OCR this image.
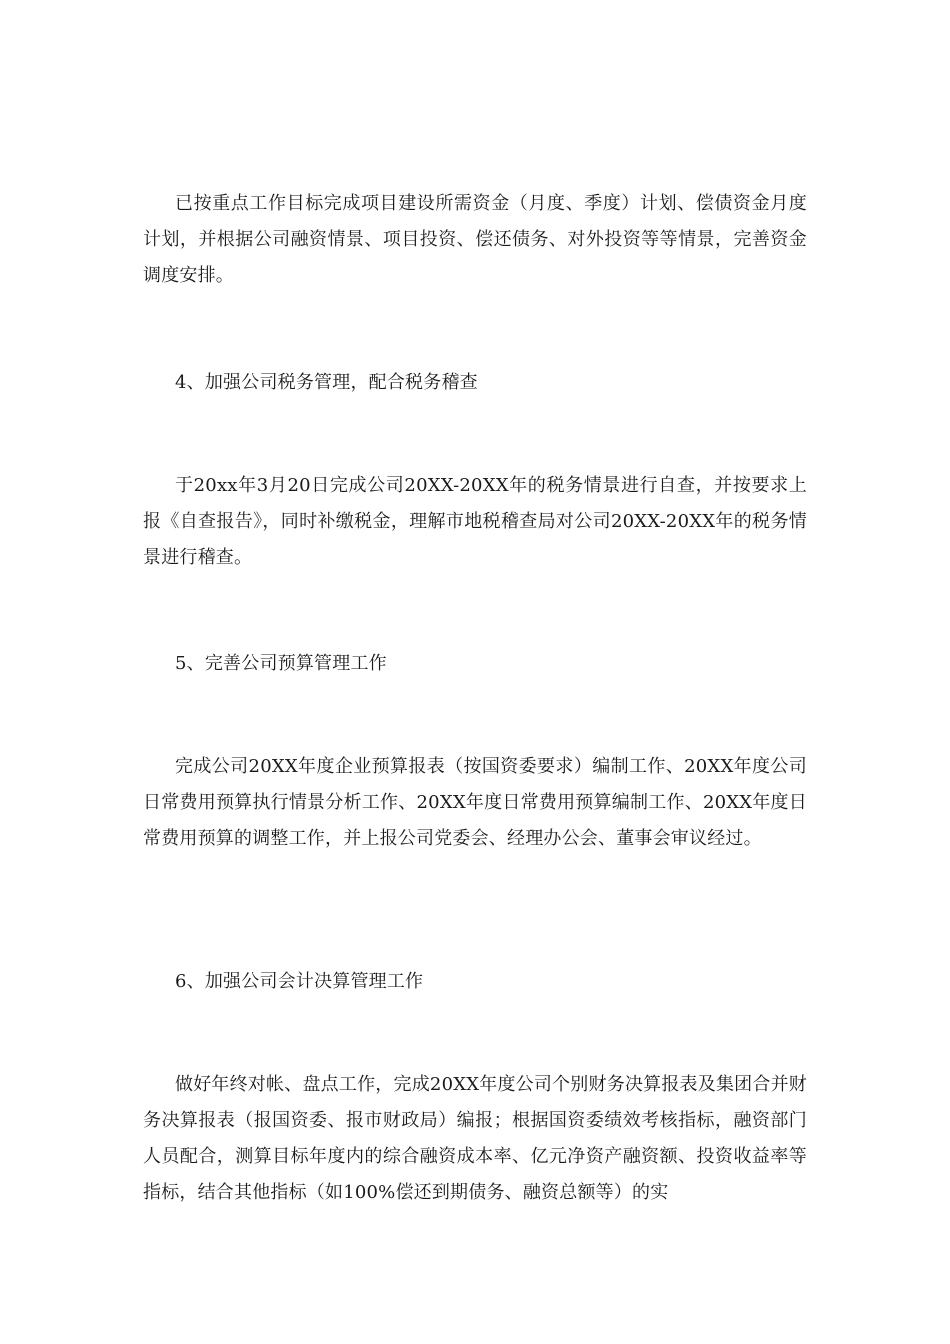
已按重点工作目标完成项目建设所需资金（月度、季度）计划、偿债资金月度计划，并根据公司融资情景、项目投资、偿还债务、对外投资等等情景，完善资金调度安排。

4、加强公司税务管理，配合税务稽查

于20xx年3月20日完成公司20XX-20XX年的税务情景进行自查，并按要求上报《自查报告》，同时补缴税金，理解市地税稽查局对公司20XX-20XX年的税务情景进行稽查。

5、完善公司预算管理工作

完成公司20XX年度企业预算报表（按国资委要求）编制工作、20XX年度公司日常费用预算执行情景分析工作、20XX年度日常费用预算编制工作、20XX年度日常费用预算的调整工作，并上报公司党委会、经理办公会、董事会审议经过。

6、加强公司会计决算管理工作

做好年终对帐、盘点工作，完成20XX年度公司个别财务决算报表及集团合并财务决算报表（报国资委、报市财政局）编报；根据国资委绩效考核指标，融资部门人员配合，测算目标年度内的综合融资成本率、亿元净资产融资额、投资收益率等指标，结合其他指标（如100%偿还到期债务、融资总额等）的实
